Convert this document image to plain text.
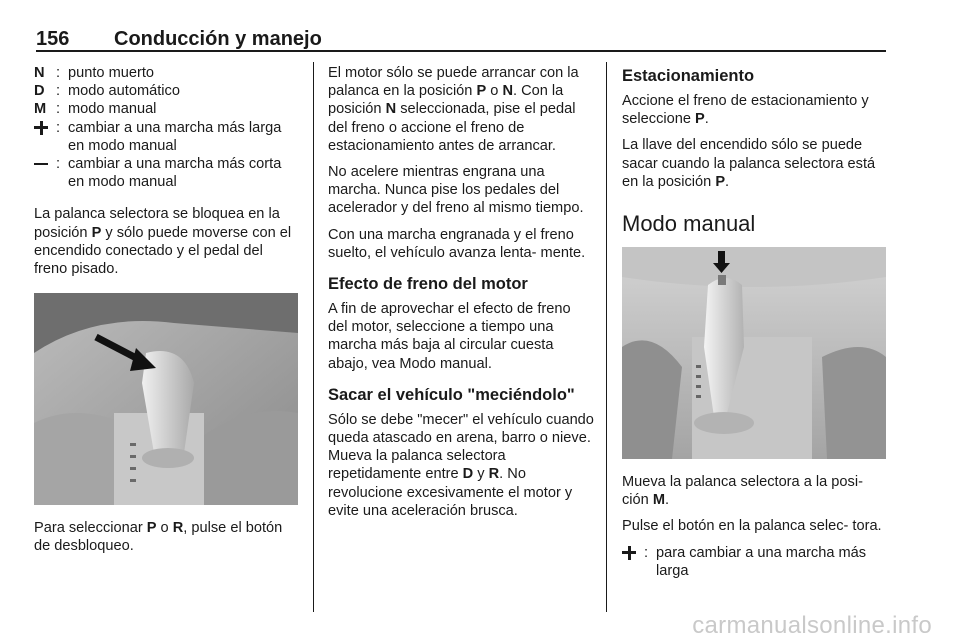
156 Conducción y manejo
N : punto muerto
D : modo automático
M : modo manual
: cambiar a una marcha más larga en modo manual
: cambiar a una marcha más corta en modo manual

La palanca selectora se bloquea en la posición P y sólo puede moverse con el encendido conectado y el pedal del freno pisado.

Para seleccionar P o R, pulse el botón de desbloqueo.

El motor sólo se puede arrancar con la palanca en la posición P o N. Con la posición N seleccionada, pise el pedal del freno o accione el freno de estacionamiento antes de arrancar.

No acelere mientras engrana una marcha. Nunca pise los pedales del acelerador y del freno al mismo tiempo.

Con una marcha engranada y el freno suelto, el vehículo avanza lenta- mente.

Efecto de freno del motor

A fin de aprovechar el efecto de freno del motor, seleccione a tiempo una marcha más baja al circular cuesta abajo, vea Modo manual.

Sacar el vehículo "meciéndolo"

Sólo se debe "mecer" el vehículo cuando queda atascado en arena, barro o nieve. Mueva la palanca selectora repetidamente entre D y R. No revolucione excesivamente el motor y evite una aceleración brusca.

Estacionamiento

Accione el freno de estacionamiento y seleccione P.

La llave del encendido sólo se puede sacar cuando la palanca selectora está en la posición P.

Modo manual

Mueva la palanca selectora a la posi- ción M.

Pulse el botón en la palanca selec- tora.

: para cambiar a una marcha más larga
carmanualsonline.info
